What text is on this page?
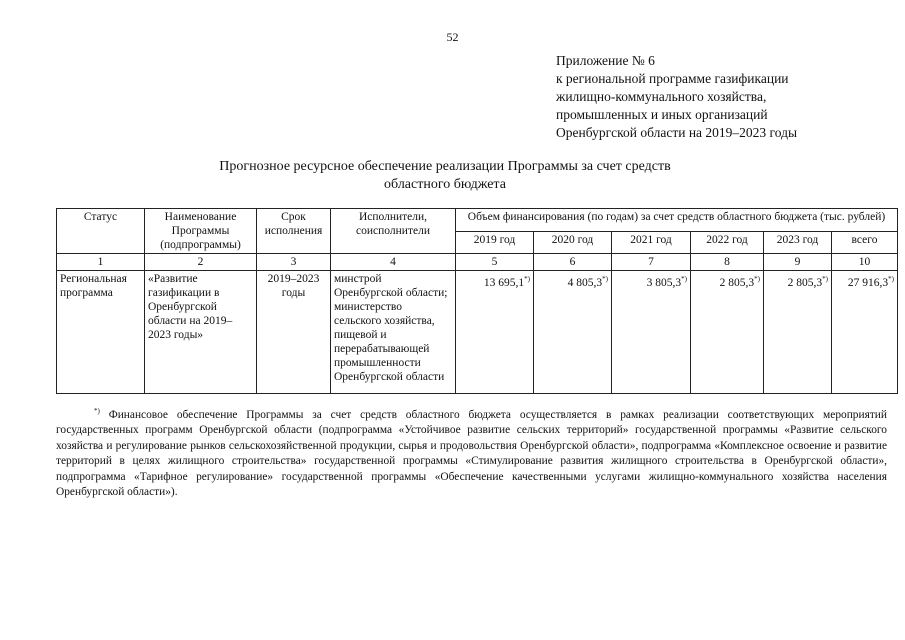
52
Приложение № 6
к региональной программе газификации
жилищно-коммунального хозяйства,
промышленных и иных организаций
Оренбургской области на 2019–2023 годы
Прогнозное ресурсное обеспечение реализации Программы за счет средств
областного бюджета
Статус	Наименование Программы (подпрограммы)	Срок исполнения	Исполнители, соисполнители	Объем финансирования (по годам) за счет средств областного бюджета (тыс. рублей)					
				2019 год	2020 год	2021 год	2022 год	2023 год	всего
1	2	3	4	5	6	7	8	9	10
Региональная программа	«Развитие газификации в Оренбургской области на 2019–2023 годы»	2019–2023 годы	минстрой Оренбургской области; министерство сельского хозяйства, пищевой и перерабатывающей промышленности Оренбургской области	13 695,1*)	4 805,3*)	3 805,3*)	2 805,3*)	2 805,3*)	27 916,3*)
*) Финансовое обеспечение Программы за счет средств областного бюджета осуществляется в рамках реализации соответствующих мероприятий государственных программ Оренбургской области (подпрограмма «Устойчивое развитие сельских территорий» государственной программы «Развитие сельского хозяйства и регулирование рынков сельскохозяйственной продукции, сырья и продовольствия Оренбургской области», подпрограмма «Комплексное освоение и развитие территорий в целях жилищного строительства» государственной программы «Стимулирование развития жилищного строительства в Оренбургской области», подпрограмма «Тарифное регулирование» государственной программы «Обеспечение качественными услугами жилищно-коммунального хозяйства населения Оренбургской области»).
